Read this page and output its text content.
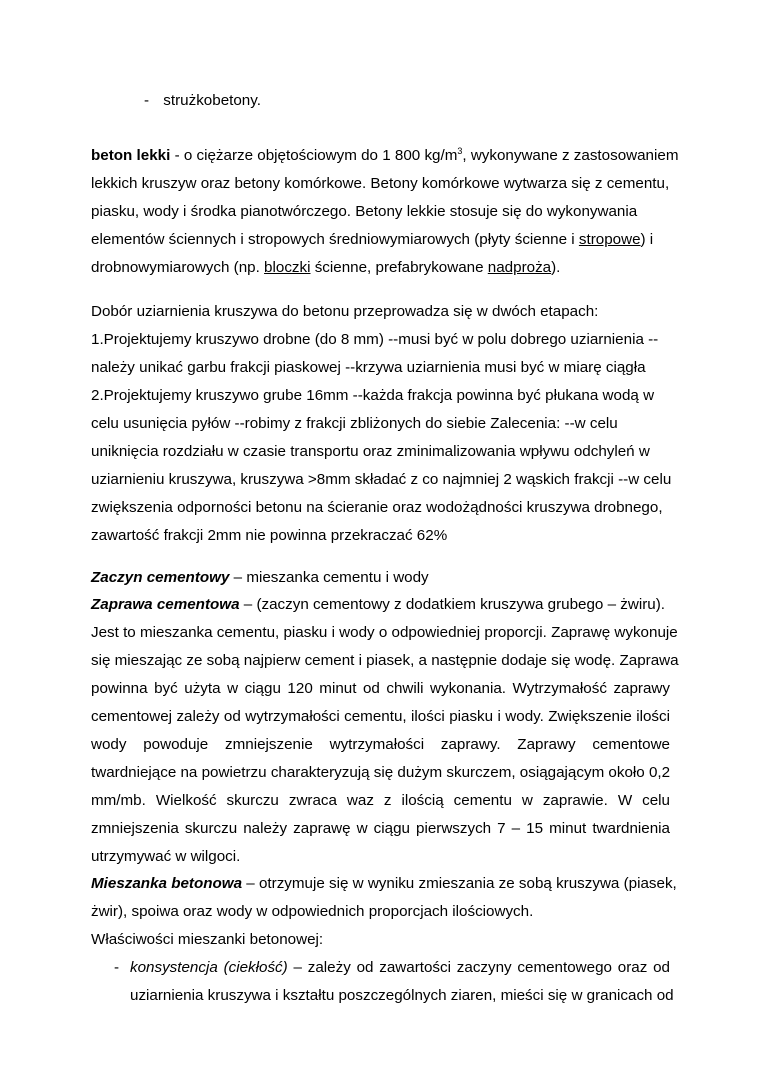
- strużkobetony.
beton lekki - o ciężarze objętościowym do 1 800 $kg/m^3$, wykonywane z zastosowaniem
lekkich kruszyw oraz betony komórkowe. Betony komórkowe wytwarza się z cementu,
piasku, wody i środka pianotwórczego. Betony lekkie stosuje się do wykonywania
elementów ściennych i stropowych średniowymiarowych (płyty ścienne i stropowe) i
drobnowymiarowych (np. bloczki ścienne, prefabrykowane nadproża).
Dobór uziarnienia kruszywa do betonu przeprowadza się w dwóch etapach:
1.Projektujemy kruszywo drobne (do 8 mm) --musi być w polu dobrego uziarnienia --
należy unikać garbu frakcji piaskowej --krzywa uziarnienia musi być w miarę ciągła
2.Projektujemy kruszywo grube 16mm --każda frakcja powinna być płukana wodą w
celu usunięcia pyłów --robimy z frakcji zbliżonych do siebie Zalecenia: --w celu
uniknięcia rozdziału w czasie transportu oraz zminimalizowania wpływu odchyleń w
uziarnieniu kruszywa, kruszywa >8mm składać z co najmniej 2 wąskich frakcji --w celu
zwiększenia odporności betonu na ścieranie oraz wodożądności kruszywa drobnego,
zawartość frakcji 2mm nie powinna przekraczać 62%
Zaczyn cementowy – mieszanka cementu i wody
Zaprawa cementowa – (zaczyn cementowy z dodatkiem kruszywa grubego – żwiru).
Jest to mieszanka cementu, piasku i wody o odpowiedniej proporcji. Zaprawę wykonuje
się mieszając ze sobą najpierw cement i piasek, a następnie dodaje się wodę. Zaprawa
powinna być użyta w ciągu 120 minut od chwili wykonania. Wytrzymałość zaprawy
cementowej zależy od wytrzymałości cementu, ilości piasku i wody. Zwiększenie ilości
wody powoduje zmniejszenie wytrzymałości zaprawy. Zaprawy cementowe
twardniejące na powietrzu charakteryzują się dużym skurczem, osiągającym około 0,2
mm/mb. Wielkość skurczu zwraca waz z ilością cementu w zaprawie. W celu
zmniejszenia skurczu należy zaprawę w ciągu pierwszych 7 – 15 minut twardnienia
utrzymywać w wilgoci.
Mieszanka betonowa – otrzymuje się w wyniku zmieszania ze sobą kruszywa (piasek,
żwir), spoiwa oraz wody w odpowiednich proporcjach ilościowych.
Właściwości mieszanki betonowej:
- konsystencja (ciekłość) – zależy od zawartości zaczyny cementowego oraz od
uziarnienia kruszywa i kształtu poszczególnych ziaren, mieści się w granicach od
